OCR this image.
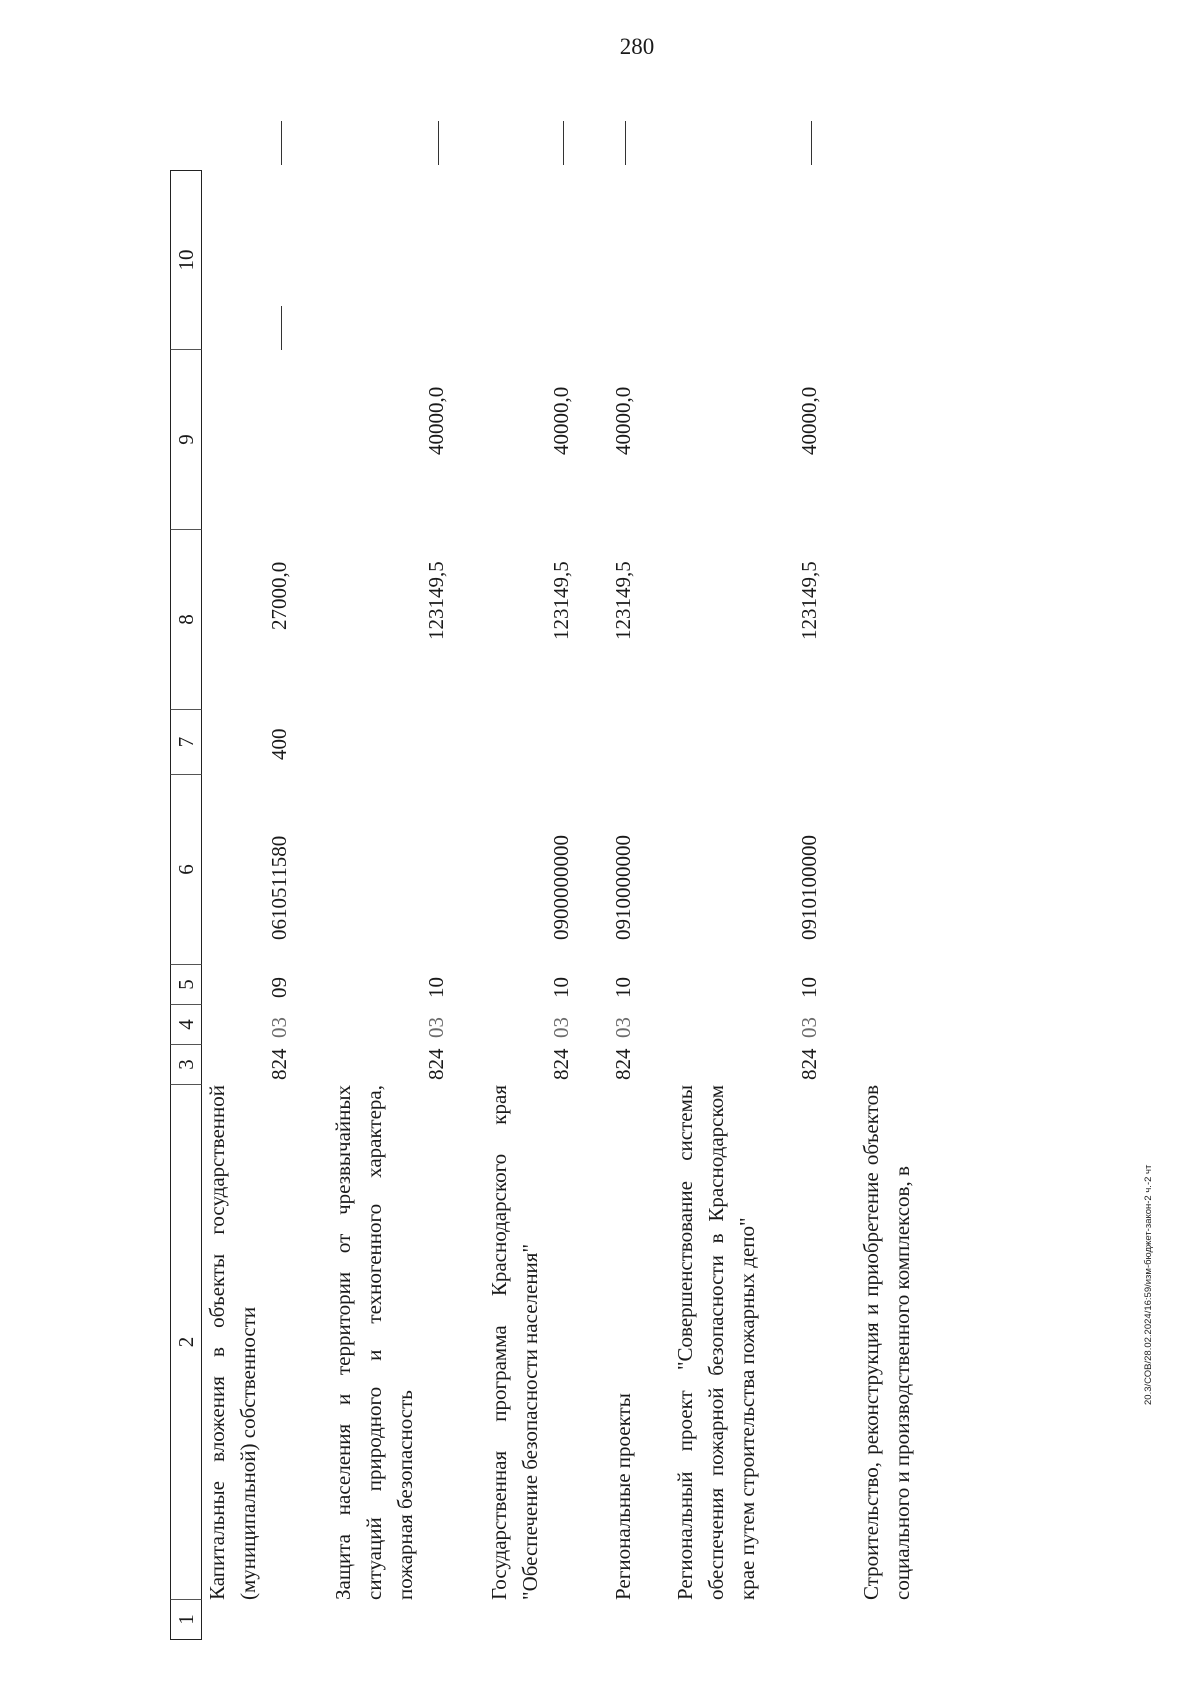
280
1
2
3
4
5
6
7
8
9
10
Капитальные вложения в объекты государственной (муниципальной) собственности
824
03
09
0610511580
400
27000,0
Защита населения и территории от чрезвычайных ситуаций природного и техногенного характера, пожарная безопасность
824
03
10
123149,5
40000,0
Государственная программа Краснодарского края "Обеспечение безопасности населения"
824
03
10
0900000000
123149,5
40000,0
Региональные проекты
824
03
10
0910000000
123149,5
40000,0
Региональный проект "Совершенствование системы обеспечения пожарной безопасности в Краснодарском крае путем строительства пожарных депо"
824
03
10
0910100000
123149,5
40000,0
Строительство, реконструкция и приобретение объектов социального и производственного комплексов, в	20.3/СОВ/28.02.2024/16:59/изм-бюджет-закон-2 ч.-2 чт
